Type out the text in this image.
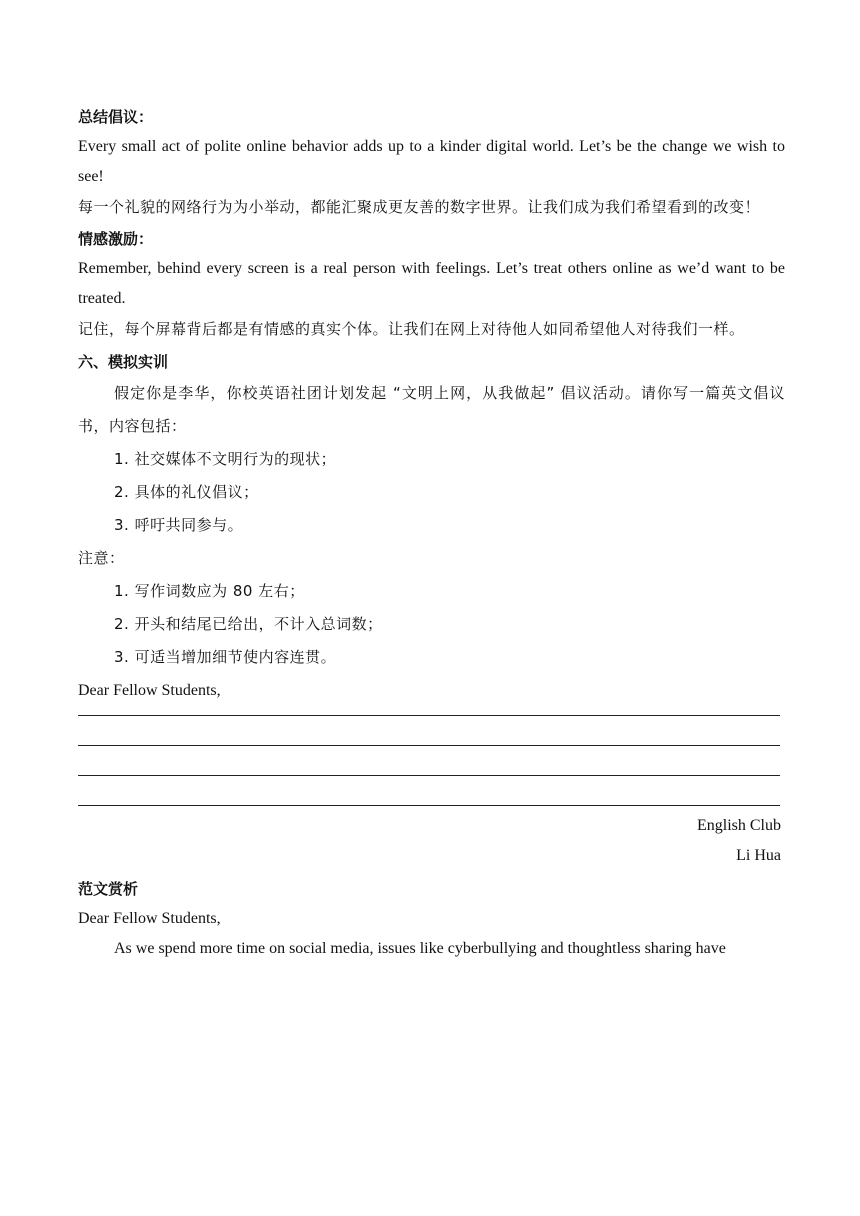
总结倡议：
Every small act of polite online behavior adds up to a kinder digital world. Let’s be the change we wish to see!
每一个礼貌的网络行为为小举动，都能汇聚成更友善的数字世界。让我们成为我们希望看到的改变！
情感激励：
Remember, behind every screen is a real person with feelings. Let’s treat others online as we’d want to be treated.
记住，每个屏幕背后都是有情感的真实个体。让我们在网上对待他人如同希望他人对待我们一样。
六、模拟实训
假定你是李华，你校英语社团计划发起 “文明上网，从我做起” 倡议活动。请你写一篇英文倡议书，内容包括：
1. 社交媒体不文明行为的现状；
2. 具体的礼仪倡议；
3. 呼吁共同参与。
注意：
1. 写作词数应为 80 左右；
2. 开头和结尾已给出，不计入总词数；
3. 可适当增加细节使内容连贯。
Dear Fellow Students,
English Club
Li Hua
范文赏析
Dear Fellow Students,
As we spend more time on social media, issues like cyberbullying and thoughtless sharing have
